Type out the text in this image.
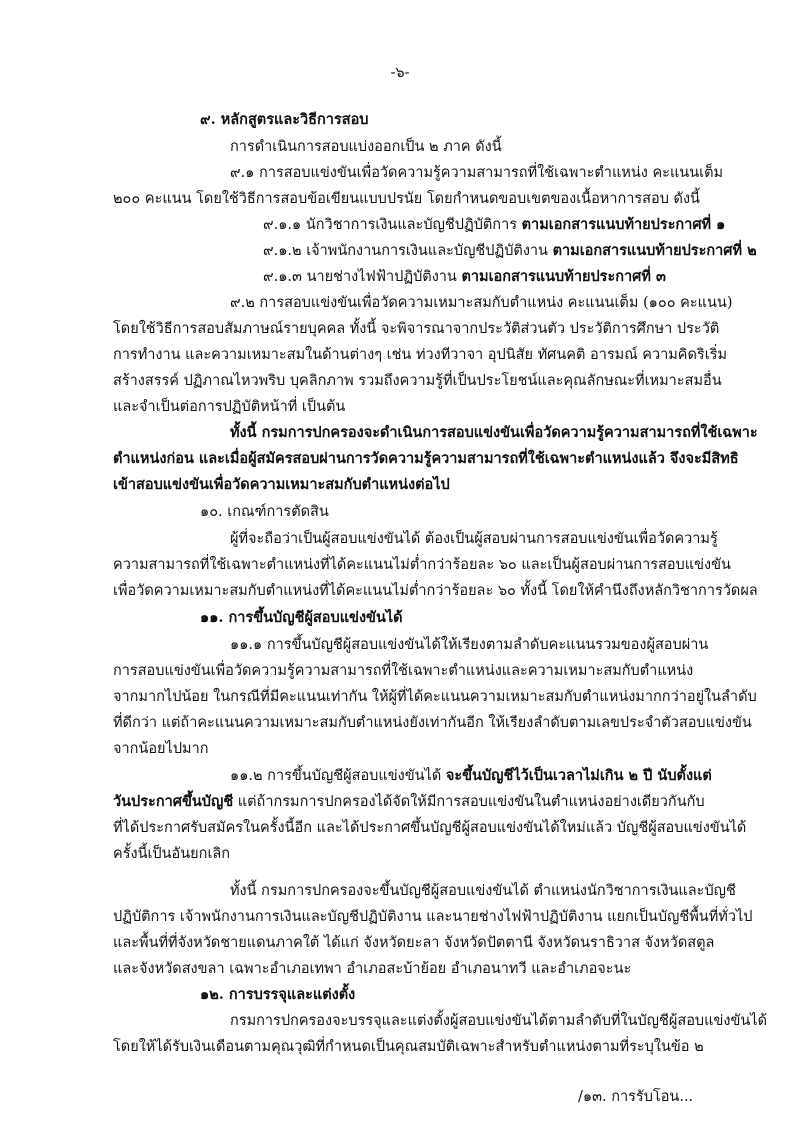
-๖-
๙. หลักสูตรและวิธีการสอบ
การดำเนินการสอบแบ่งออกเป็น ๒ ภาค ดังนี้
๙.๑ การสอบแข่งขันเพื่อวัดความรู้ความสามารถที่ใช้เฉพาะตำแหน่ง คะแนนเต็ม
๒๐๐ คะแนน โดยใช้วิธีการสอบข้อเขียนแบบปรนัย โดยกำหนดขอบเขตของเนื้อหาการสอบ ดังนี้
๙.๑.๑ นักวิชาการเงินและบัญชีปฏิบัติการ ตามเอกสารแนบท้ายประกาศที่ ๑
๙.๑.๒ เจ้าพนักงานการเงินและบัญชีปฏิบัติงาน ตามเอกสารแนบท้ายประกาศที่ ๒
๙.๑.๓ นายช่างไฟฟ้าปฏิบัติงาน ตามเอกสารแนบท้ายประกาศที่ ๓
๙.๒ การสอบแข่งขันเพื่อวัดความเหมาะสมกับตำแหน่ง คะแนนเต็ม (๑๐๐ คะแนน)
โดยใช้วิธีการสอบสัมภาษณ์รายบุคคล ทั้งนี้ จะพิจารณาจากประวัติส่วนตัว ประวัติการศึกษา ประวัติ
การทำงาน และความเหมาะสมในด้านต่างๆ เช่น ท่วงทีวาจา อุปนิสัย ทัศนคติ อารมณ์ ความคิดริเริ่ม
สร้างสรรค์ ปฏิภาณไหวพริบ บุคลิกภาพ รวมถึงความรู้ที่เป็นประโยชน์และคุณลักษณะที่เหมาะสมอื่น
และจำเป็นต่อการปฏิบัติหน้าที่ เป็นต้น
ทั้งนี้ กรมการปกครองจะดำเนินการสอบแข่งขันเพื่อวัดความรู้ความสามารถที่ใช้เฉพาะ
ตำแหน่งก่อน และเมื่อผู้สมัครสอบผ่านการวัดความรู้ความสามารถที่ใช้เฉพาะตำแหน่งแล้ว จึงจะมีสิทธิ
เข้าสอบแข่งขันเพื่อวัดความเหมาะสมกับตำแหน่งต่อไป
๑๐. เกณฑ์การตัดสิน
ผู้ที่จะถือว่าเป็นผู้สอบแข่งขันได้ ต้องเป็นผู้สอบผ่านการสอบแข่งขันเพื่อวัดความรู้
ความสามารถที่ใช้เฉพาะตำแหน่งที่ได้คะแนนไม่ต่ำกว่าร้อยละ ๖๐ และเป็นผู้สอบผ่านการสอบแข่งขัน
เพื่อวัดความเหมาะสมกับตำแหน่งที่ได้คะแนนไม่ต่ำกว่าร้อยละ ๖๐ ทั้งนี้ โดยให้คำนึงถึงหลักวิชาการวัดผล
๑๑. การขึ้นบัญชีผู้สอบแข่งขันได้
๑๑.๑ การขึ้นบัญชีผู้สอบแข่งขันได้ให้เรียงตามลำดับคะแนนรวมของผู้สอบผ่าน
การสอบแข่งขันเพื่อวัดความรู้ความสามารถที่ใช้เฉพาะตำแหน่งและความเหมาะสมกับตำแหน่ง
จากมากไปน้อย ในกรณีที่มีคะแนนเท่ากัน ให้ผู้ที่ได้คะแนนความเหมาะสมกับตำแหน่งมากกว่าอยู่ในลำดับ
ที่ดีกว่า แต่ถ้าคะแนนความเหมาะสมกับตำแหน่งยังเท่ากันอีก ให้เรียงลำดับตามเลขประจำตัวสอบแข่งขัน
จากน้อยไปมาก
๑๑.๒ การขึ้นบัญชีผู้สอบแข่งขันได้ จะขึ้นบัญชีไว้เป็นเวลาไม่เกิน ๒ ปี นับตั้งแต่
วันประกาศขึ้นบัญชี แต่ถ้ากรมการปกครองได้จัดให้มีการสอบแข่งขันในตำแหน่งอย่างเดียวกันกับ
ที่ได้ประกาศรับสมัครในครั้งนี้อีก และได้ประกาศขึ้นบัญชีผู้สอบแข่งขันได้ใหม่แล้ว บัญชีผู้สอบแข่งขันได้
ครั้งนี้เป็นอันยกเลิก
ทั้งนี้ กรมการปกครองจะขึ้นบัญชีผู้สอบแข่งขันได้ ตำแหน่งนักวิชาการเงินและบัญชี
ปฏิบัติการ เจ้าพนักงานการเงินและบัญชีปฏิบัติงาน และนายช่างไฟฟ้าปฏิบัติงาน แยกเป็นบัญชีพื้นที่ทั่วไป
และพื้นที่ที่จังหวัดชายแดนภาคใต้ ได้แก่ จังหวัดยะลา จังหวัดปัตตานี จังหวัดนราธิวาส จังหวัดสตูล
และจังหวัดสงขลา เฉพาะอำเภอเทพา อำเภอสะบ้าย้อย อำเภอนาทวี และอำเภอจะนะ
๑๒. การบรรจุและแต่งตั้ง
กรมการปกครองจะบรรจุและแต่งตั้งผู้สอบแข่งขันได้ตามลำดับที่ในบัญชีผู้สอบแข่งขันได้
โดยให้ได้รับเงินเดือนตามคุณวุฒิที่กำหนดเป็นคุณสมบัติเฉพาะสำหรับตำแหน่งตามที่ระบุในข้อ ๒
/๑๓. การรับโอน...
